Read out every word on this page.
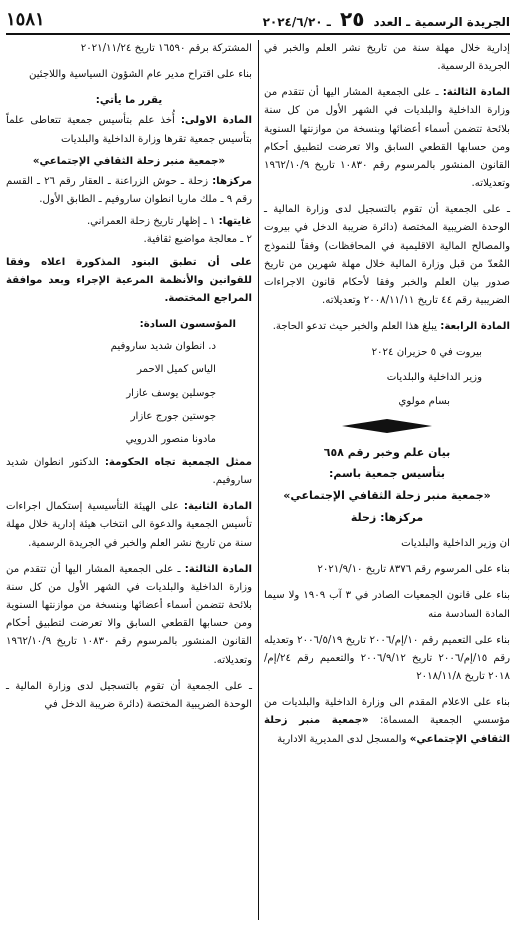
الجريدة الرسمية ـ العدد ٢٥ ـ ٢٠٢٤/٦/٢٠
١٥٨١

إدارية خلال مهلة سنة من تاريخ نشر العلم والخبر في الجريدة الرسمية.

المادة الثالثة: ـ على الجمعية المشار اليها أن تتقدم من وزارة الداخلية والبلديات في الشهر الأول من كل سنة بلائحة تتضمن أسماء أعضائها وبنسخة من موازنتها السنوية ومن حسابها القطعي السابق والا تعرضت لتطبيق أحكام القانون المنشور بالمرسوم رقم ١٠٨٣٠ تاريخ ١٩٦٢/١٠/٩ وتعديلاته.

ـ على الجمعية أن تقوم بالتسجيل لدى وزارة المالية ـ الوحدة الضريبية المختصة (دائرة ضريبة الدخل في بيروت والمصالح المالية الاقليمية في المحافظات) وفقاً للنموذج المُعدّ من قبل وزارة المالية خلال مهلة شهرين من تاريخ صدور بيان العلم والخبر وفقا لأحكام قانون الاجراءات الضريبية رقم ٤٤ تاريخ ٢٠٠٨/١١/١١ وتعديلاته.

المادة الرابعة: يبلغ هذا العلم والخبر حيث تدعو الحاجة.

بيروت في ٥ حزيران ٢٠٢٤

وزير الداخلية والبلديات

بسام مولوي

بيان علم وخبر رقم ٦٥٨

بتأسيس جمعية باسم:

«جمعية منبر زحلة الثقافي الإجتماعي»

مركزها: زحلة

ان وزير الداخلية والبلديات

بناء على المرسوم رقم ٨٣٧٦ تاريخ ٢٠٢١/٩/١٠

بناء على قانون الجمعيات الصادر في ٣ آب ١٩٠٩ ولا سيما المادة السادسة منه

بناء على التعميم رقم ١٠/إم/٢٠٠٦ تاريخ ٢٠٠٦/٥/١٩ وتعديله رقم ١٥/إم/٢٠٠٦ تاريخ ٢٠٠٦/٩/١٢ والتعميم رقم ٢٤/إم/٢٠١٨ تاريخ ٢٠١٨/١١/٨

بناء على الاعلام المقدم الى وزارة الداخلية والبلديات من مؤسسي الجمعية المسماة: «جمعية منبر زحلة الثقافي الإجتماعي» والمسجل لدى المديرية الادارية

المشتركة برقم ١٦٥٩٠ تاريخ ٢٠٢١/١١/٢٤

بناء على اقتراح مدير عام الشؤون السياسية واللاجئين

يقرر ما يأتي:

المادة الاولى: أُخذ علم بتأسيس جمعية تتعاطى علماً بتأسيس جمعية تقرها وزارة الداخلية والبلديات

«جمعية منبر زحلة الثقافي الإجتماعي»

مركزها: زحلة ـ حوش الزراعنة ـ العقار رقم ٢٦ ـ القسم رقم ٩ ـ ملك ماريا انطوان ساروفيم ـ الطابق الأول.

غايتها: ١ ـ إظهار تاريخ زحلة العمراني.

٢ ـ معالجة مواضيع ثقافية.

على أن تطبق البنود المذكورة اعلاه وفقا للقوانين والأنظمة المرعية الإجراء وبعد موافقة المراجع المختصة.

المؤسسون السادة:

د. انطوان شديد ساروفيم

الياس كميل الاحمر

جوسلين يوسف عازار

جوستين جورج عازار

مادونا منصور الدرويي

ممثل الجمعية تجاه الحكومة: الدكتور انطوان شديد ساروفيم.

المادة الثانية: على الهيئة التأسيسية إستكمال اجراءات تأسيس الجمعية والدعوة الى انتخاب هيئة إدارية خلال مهلة سنة من تاريخ نشر العلم والخبر في الجريدة الرسمية.

المادة الثالثة: ـ على الجمعية المشار اليها أن تتقدم من وزارة الداخلية والبلديات في الشهر الأول من كل سنة بلائحة تتضمن أسماء أعضائها وبنسخة من موازنتها السنوية ومن حسابها القطعي السابق والا تعرضت لتطبيق أحكام القانون المنشور بالمرسوم رقم ١٠٨٣٠ تاريخ ١٩٦٢/١٠/٩ وتعديلاته.

ـ على الجمعية أن تقوم بالتسجيل لدى وزارة المالية ـ الوحدة الضريبية المختصة (دائرة ضريبة الدخل في
